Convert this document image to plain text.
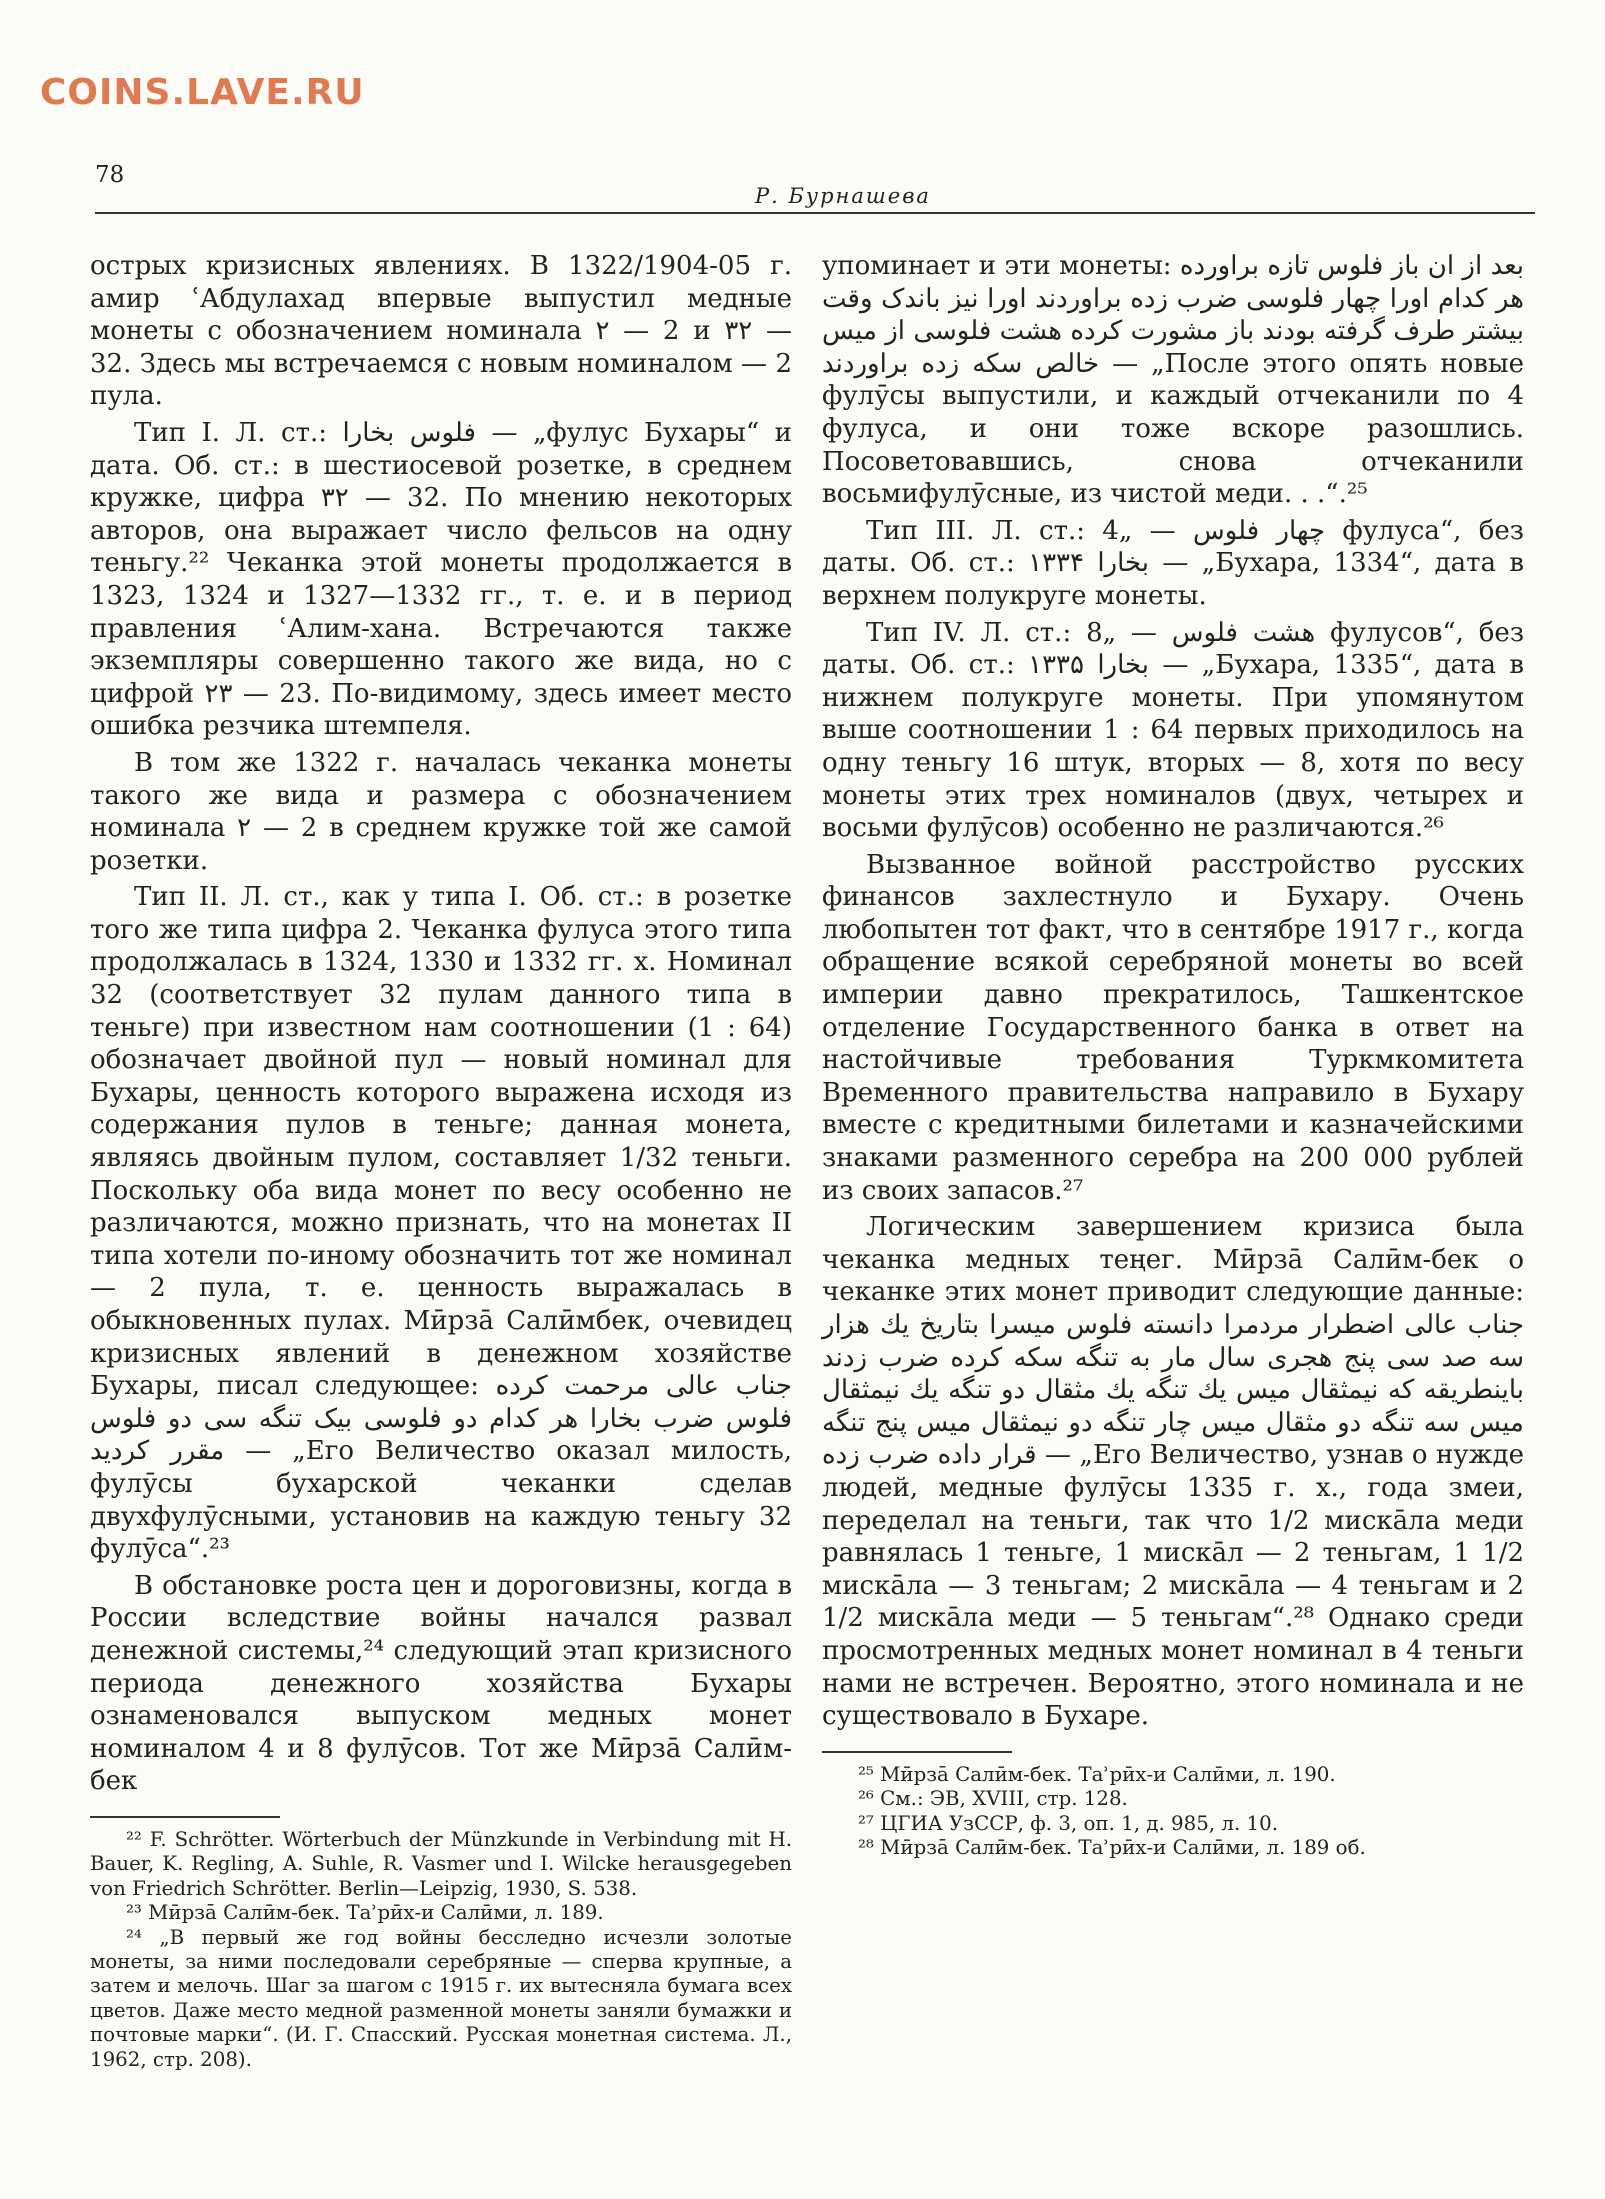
COINS.LAVE.RU
78
Р. Бурнашева

острых кризисных явлениях. В 1322/1904-05 г. амир ʿАбдулахад впервые выпустил медные монеты с обозначением номинала ۲ — 2 и ۳۲ — 32. Здесь мы встречаемся с новым номиналом — 2 пула.

Тип I. Л. ст.: فلوس بخارا — „фулус Бухары“ и дата. Об. ст.: в шестиосевой розетке, в среднем кружке, цифра ۳۲ — 32. По мнению некоторых авторов, она выражает число фельсов на одну теньгу.²² Чеканка этой монеты продолжается в 1323, 1324 и 1327—1332 гг., т. е. и в период правления ʿАлим-хана. Встречаются также экземпляры совершенно такого же вида, но с цифрой ۲۳ — 23. По-видимому, здесь имеет место ошибка резчика штемпеля.

В том же 1322 г. началась чеканка монеты такого же вида и размера с обозначением номинала ۲ — 2 в среднем кружке той же самой розетки.

Тип II. Л. ст., как у типа I. Об. ст.: в розетке того же типа цифра 2. Чеканка фулуса этого типа продолжалась в 1324, 1330 и 1332 гг. х. Номинал 32 (соответствует 32 пулам данного типа в теньге) при известном нам соотношении (1 : 64) обозначает двойной пул — новый номинал для Бухары, ценность которого выражена исходя из содержания пулов в теньге; данная монета, являясь двойным пулом, составляет 1/32 теньги. Поскольку оба вида монет по весу особенно не различаются, можно признать, что на монетах II типа хотели по-иному обозначить тот же номинал — 2 пула, т. е. ценность выражалась в обыкновенных пулах. Мӣрза̄ Салӣмбек, очевидец кризисных явлений в денежном хозяйстве Бухары, писал следующее: جناب عالی مرحمت کرده فلوس ضرب بخارا هر کدام دو فلوسی بیک تنگه سی دو فلوس مقرر کردید — „Его Величество оказал милость, фулӯсы бухарской чеканки сделав двухфулӯсными, установив на каждую теньгу 32 фулӯса“.²³

В обстановке роста цен и дороговизны, когда в России вследствие войны начался развал денежной системы,²⁴ следующий этап кризисного периода денежного хозяйства Бухары ознаменовался выпуском медных монет номиналом 4 и 8 фулӯсов. Тот же Мӣрза̄ Салӣм-бек

²² F. Schrötter. Wörterbuch der Münzkunde in Verbindung mit H. Bauer, K. Regling, A. Suhle, R. Vasmer und I. Wilcke herausgegeben von Friedrich Schrötter. Berlin—Leipzig, 1930, S. 538.

²³ Мӣрза̄ Салӣм-бек. Таʾрӣх-и Салӣми, л. 189.

²⁴ „В первый же год войны бесследно исчезли золотые монеты, за ними последовали серебряные — сперва крупные, а затем и мелочь. Шаг за шагом с 1915 г. их вытесняла бумага всех цветов. Даже место медной разменной монеты заняли бумажки и почтовые марки“. (И. Г. Спасский. Русская монетная система. Л., 1962, стр. 208).

упоминает и эти монеты: بعد از ان باز فلوس تازه براورده هر کدام اورا چهار فلوسی ضرب زده براوردند اورا نیز باندک وقت بیشتر طرف گرفته بودند باز مشورت کرده هشت فلوسی از میس خالص سکه زده براوردند — „После этого опять новые фулӯсы выпустили, и каждый отчеканили по 4 фулуса, и они тоже вскоре разошлись. Посоветовавшись, снова отчеканили восьмифулӯсные, из чистой меди. . .“.²⁵

Тип III. Л. ст.: چهار فلوس — „4 фулуса“, без даты. Об. ст.: ۱۳۳۴ بخارا — „Бухара, 1334“, дата в верхнем полукруге монеты.

Тип IV. Л. ст.: هشت فلوس — „8 фулусов“, без даты. Об. ст.: ۱۳۳۵ بخارا — „Бухара, 1335“, дата в нижнем полукруге монеты. При упомянутом выше соотношении 1 : 64 первых приходилось на одну теньгу 16 штук, вторых — 8, хотя по весу монеты этих трех номиналов (двух, четырех и восьми фулӯсов) особенно не различаются.²⁶

Вызванное войной расстройство русских финансов захлестнуло и Бухару. Очень любопытен тот факт, что в сентябре 1917 г., когда обращение всякой серебряной монеты во всей империи давно прекратилось, Ташкентское отделение Государственного банка в ответ на настойчивые требования Туркмкомитета Временного правительства направило в Бухару вместе с кредитными билетами и казначейскими знаками разменного серебра на 200 000 рублей из своих запасов.²⁷

Логическим завершением кризиса была чеканка медных теңег. Мӣрза̄ Салӣм-бек о чеканке этих монет приводит следующие данные: جناب عالی اضطرار مردمرا دانسته فلوس میسرا بتاریخ یك هزار سه صد سی پنج هجری سال مار به تنگه سکه کرده ضرب زدند باینطریقه که نیمثقال میس یك تنگه یك مثقال دو تنگه یك نیمثقال میس سه تنگه دو مثقال میس چار تنگه دو نیمثقال میس پنج تنگه قرار داده ضرب زده — „Его Величество, узнав о нужде людей, медные фулӯсы 1335 г. х., года змеи, переделал на теньги, так что 1/2 миска̄ла меди равнялась 1 теньге, 1 миска̄л — 2 теньгам, 1 1/2 миска̄ла — 3 теньгам; 2 миска̄ла — 4 теньгам и 2 1/2 миска̄ла меди — 5 теньгам“.²⁸ Однако среди просмотренных медных монет номинал в 4 теньги нами не встречен. Вероятно, этого номинала и не существовало в Бухаре.

²⁵ Мӣрза̄ Салӣм-бек. Таʾрӣх-и Салӣми, л. 190.

²⁶ См.: ЭВ, XVIII, стр. 128.

²⁷ ЦГИА УзССР, ф. 3, оп. 1, д. 985, л. 10.

²⁸ Мӣрза̄ Салӣм-бек. Таʾрӣх-и Салӣми, л. 189 об.
